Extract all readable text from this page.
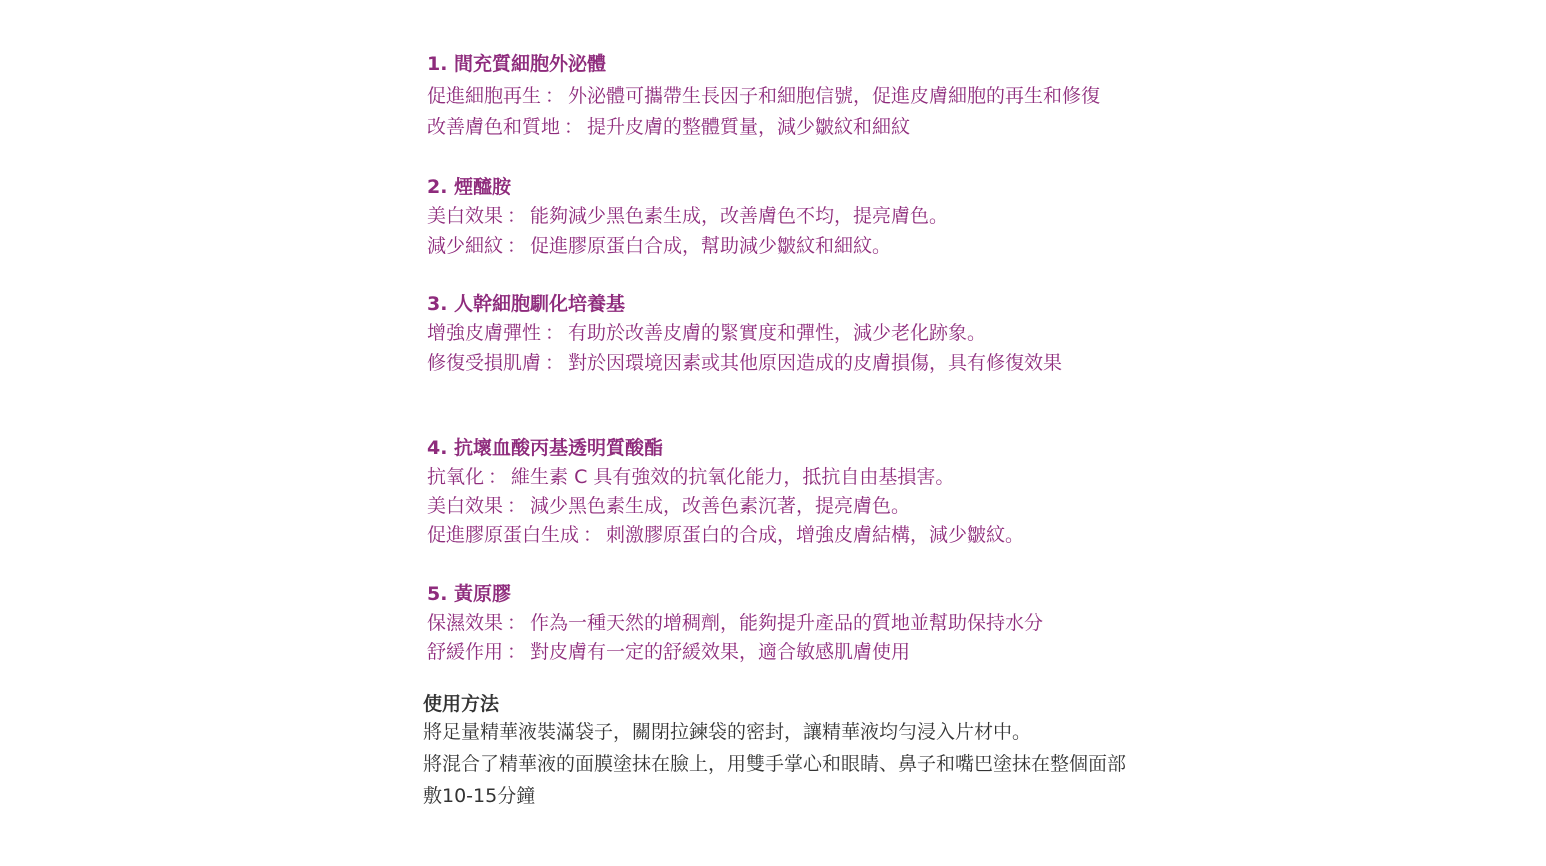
1. 間充質細胞外泌體
促進細胞再生 ： 外泌體可攜帶生長因子和細胞信號，促進皮膚細胞的再生和修復
改善膚色和質地 ： 提升皮膚的整體質量，減少皺紋和細紋
2. 煙醯胺
美白效果 ： 能夠減少黑色素生成，改善膚色不均，提亮膚色。
減少細紋 ： 促進膠原蛋白合成，幫助減少皺紋和細紋。
3. 人幹細胞馴化培養基
增強皮膚彈性 ： 有助於改善皮膚的緊實度和彈性，減少老化跡象。
修復受損肌膚 ： 對於因環境因素或其他原因造成的皮膚損傷，具有修復效果
4. 抗壞血酸丙基透明質酸酯
抗氧化 ： 維生素 C 具有強效的抗氧化能力，抵抗自由基損害。
美白效果 ： 減少黑色素生成，改善色素沉著，提亮膚色。
促進膠原蛋白生成 ： 刺激膠原蛋白的合成，增強皮膚結構，減少皺紋。
5. 黃原膠
保濕效果 ： 作為一種天然的增稠劑，能夠提升產品的質地並幫助保持水分
舒緩作用 ： 對皮膚有一定的舒緩效果，適合敏感肌膚使用
使用方法
將足量精華液裝滿袋子，關閉拉鍊袋的密封，讓精華液均勻浸入片材中。
將混合了精華液的面膜塗抹在臉上，用雙手掌心和眼睛、鼻子和嘴巴塗抹在整個面部
敷10-15分鐘
